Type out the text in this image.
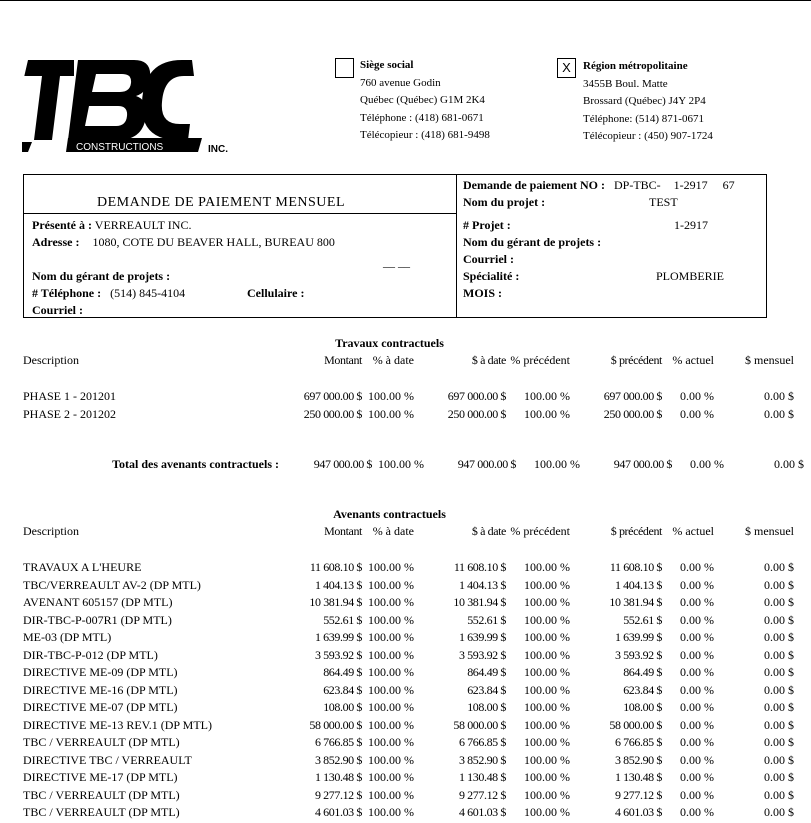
CONSTRUCTIONS	INC.
Siège social
760 avenue Godin
Québec (Québec) G1M 2K4
Téléphone : (418) 681-0671
Télécopieur : (418) 681-9498
X	Région métropolitaine
3455B Boul. Matte
Brossard (Québec) J4Y 2P4
Téléphone: (514) 871-0671
Télécopieur : (450) 907-1724
DEMANDE DE PAIEMENT MENSUEL
Présenté à : VERREAULT INC.
Adresse : 1080, COTE DU BEAVER HALL, BUREAU 800
__ __
Nom du gérant de projets :
# Téléphone : (514) 845-4104	Cellulaire :
Courriel :
Demande de paiement NO : DP-TBC- 1-2917 67
Nom du projet :	TEST
# Projet :	1-2917
Nom du gérant de projets :
Courriel :
Spécialité :	PLOMBERIE
MOIS :
Travaux contractuels
Description	Montant	% à date	$ à date	% précédent	$ précédent	% actuel	$ mensuel
PHASE 1 - 201201	697 000.00 $	100.00 %	697 000.00 $	100.00 %	697 000.00 $	0.00 %	0.00 $
PHASE 2 - 201202	250 000.00 $	100.00 %	250 000.00 $	100.00 %	250 000.00 $	0.00 %	0.00 $
Total des avenants contractuels :	947 000.00 $	100.00 %	947 000.00 $	100.00 %	947 000.00 $	0.00 %	0.00 $
Avenants contractuels
Description	Montant	% à date	$ à date	% précédent	$ précédent	% actuel	$ mensuel
TRAVAUX A L'HEURE	11 608.10 $	100.00 %	11 608.10 $	100.00 %	11 608.10 $	0.00 %	0.00 $
TBC/VERREAULT AV-2 (DP MTL)	1 404.13 $	100.00 %	1 404.13 $	100.00 %	1 404.13 $	0.00 %	0.00 $
AVENANT 605157 (DP MTL)	10 381.94 $	100.00 %	10 381.94 $	100.00 %	10 381.94 $	0.00 %	0.00 $
DIR-TBC-P-007R1 (DP MTL)	552.61 $	100.00 %	552.61 $	100.00 %	552.61 $	0.00 %	0.00 $
ME-03 (DP MTL)	1 639.99 $	100.00 %	1 639.99 $	100.00 %	1 639.99 $	0.00 %	0.00 $
DIR-TBC-P-012 (DP MTL)	3 593.92 $	100.00 %	3 593.92 $	100.00 %	3 593.92 $	0.00 %	0.00 $
DIRECTIVE ME-09 (DP MTL)	864.49 $	100.00 %	864.49 $	100.00 %	864.49 $	0.00 %	0.00 $
DIRECTIVE ME-16 (DP MTL)	623.84 $	100.00 %	623.84 $	100.00 %	623.84 $	0.00 %	0.00 $
DIRECTIVE ME-07 (DP MTL)	108.00 $	100.00 %	108.00 $	100.00 %	108.00 $	0.00 %	0.00 $
DIRECTIVE ME-13 REV.1 (DP MTL)	58 000.00 $	100.00 %	58 000.00 $	100.00 %	58 000.00 $	0.00 %	0.00 $
TBC / VERREAULT (DP MTL)	6 766.85 $	100.00 %	6 766.85 $	100.00 %	6 766.85 $	0.00 %	0.00 $
DIRECTIVE TBC / VERREAULT	3 852.90 $	100.00 %	3 852.90 $	100.00 %	3 852.90 $	0.00 %	0.00 $
DIRECTIVE ME-17 (DP MTL)	1 130.48 $	100.00 %	1 130.48 $	100.00 %	1 130.48 $	0.00 %	0.00 $
TBC / VERREAULT (DP MTL)	9 277.12 $	100.00 %	9 277.12 $	100.00 %	9 277.12 $	0.00 %	0.00 $
TBC / VERREAULT (DP MTL)	4 601.03 $	100.00 %	4 601.03 $	100.00 %	4 601.03 $	0.00 %	0.00 $
